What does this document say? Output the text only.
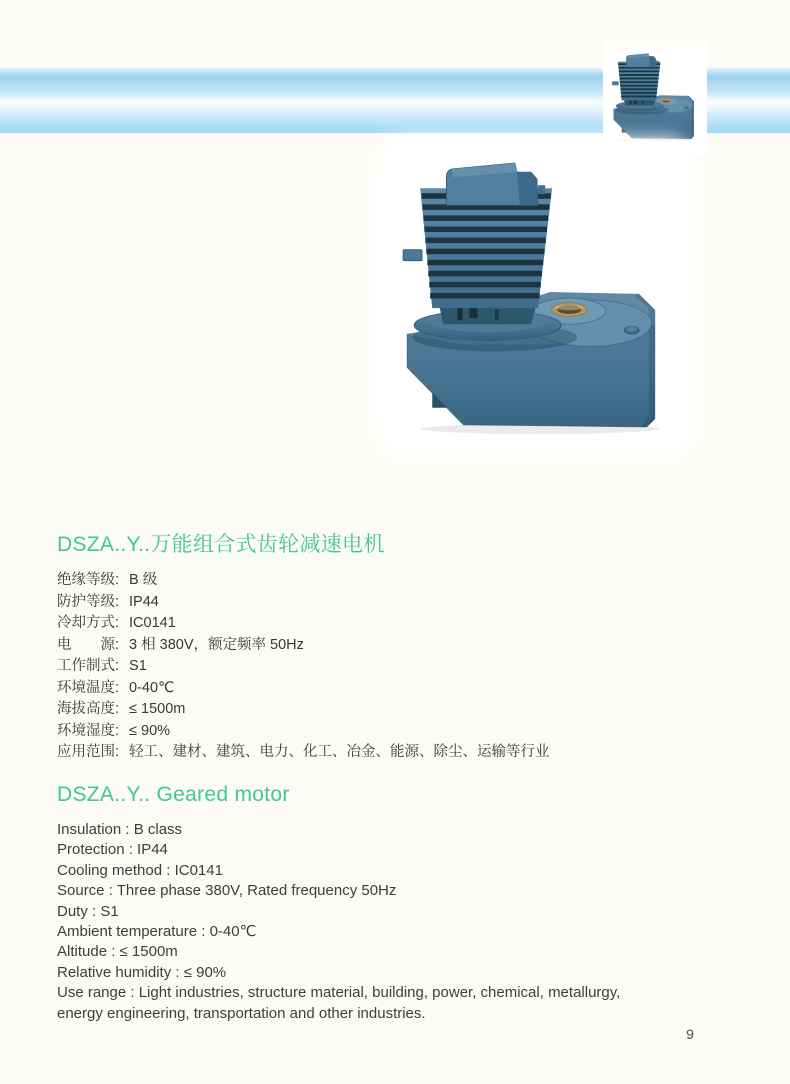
DSZA..Y..万能组合式齿轮减速电机
绝缘等级: B 级
防护等级: IP44
冷却方式: IC0141
电　　源: 3 相 380V，额定频率 50Hz
工作制式: S1
环境温度: 0-40℃
海拔高度: ≤ 1500m
环境湿度: ≤ 90%
应用范围: 轻工、建材、建筑、电力、化工、冶金、能源、除尘、运输等行业
DSZA..Y.. Geared motor
Insulation : B class
Protection : IP44
Cooling method : IC0141
Source : Three phase 380V, Rated frequency 50Hz
Duty : S1
Ambient temperature : 0-40℃
Altitude : ≤ 1500m
Relative humidity : ≤ 90%
Use range : Light industries, structure material, building, power, chemical, metallurgy,
energy engineering, transportation and other industries.
9
